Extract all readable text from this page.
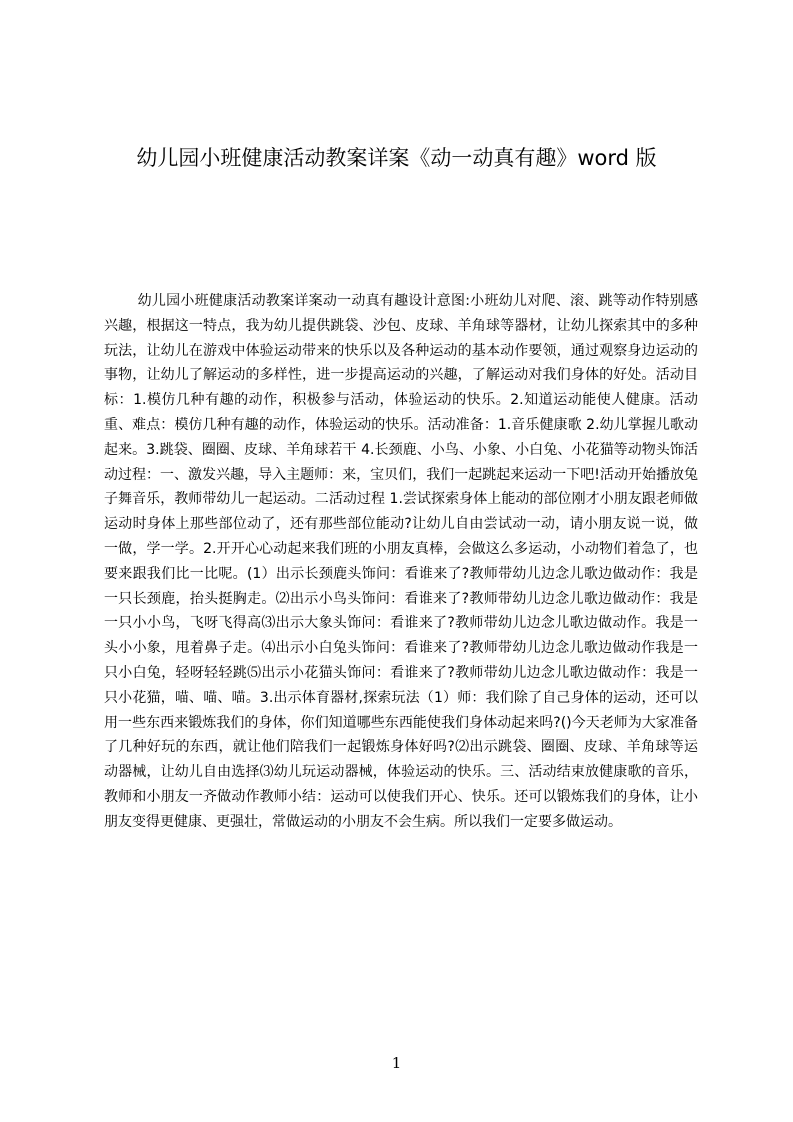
幼儿园小班健康活动教案详案《动一动真有趣》word 版

幼儿园小班健康活动教案详案动一动真有趣设计意图:小班幼儿对爬、滚、跳等动作特别感兴趣，根据这一特点，我为幼儿提供跳袋、沙包、皮球、羊角球等器材，让幼儿探索其中的多种玩法，让幼儿在游戏中体验运动带来的快乐以及各种运动的基本动作要领，通过观察身边运动的事物，让幼儿了解运动的多样性，进一步提高运动的兴趣，了解运动对我们身体的好处。活动目标：1.模仿几种有趣的动作，积极参与活动，体验运动的快乐。2.知道运动能使人健康。活动重、难点：模仿几种有趣的动作，体验运动的快乐。活动准备：1.音乐健康歌 2.幼儿掌握儿歌动起来。3.跳袋、圈圈、皮球、羊角球若干 4.长颈鹿、小鸟、小象、小白兔、小花猫等动物头饰活动过程：一、激发兴趣，导入主题师：来，宝贝们，我们一起跳起来运动一下吧!活动开始播放兔子舞音乐，教师带幼儿一起运动。二活动过程 1.尝试探索身体上能动的部位刚才小朋友跟老师做运动时身体上那些部位动了，还有那些部位能动?让幼儿自由尝试动一动，请小朋友说一说，做一做，学一学。2.开开心心动起来我们班的小朋友真棒，会做这么多运动，小动物们着急了，也要来跟我们比一比呢。(1）出示长颈鹿头饰问：看谁来了?教师带幼儿边念儿歌边做动作：我是一只长颈鹿，抬头挺胸走。⑵出示小鸟头饰问：看谁来了?教师带幼儿边念儿歌边做动作：我是一只小小鸟，飞呀飞得高⑶出示大象头饰问：看谁来了?教师带幼儿边念儿歌边做动作。我是一头小小象，甩着鼻子走。⑷出示小白兔头饰问：看谁来了?教师带幼儿边念儿歌边做动作我是一只小白兔，轻呀轻轻跳⑸出示小花猫头饰问：看谁来了?教师带幼儿边念儿歌边做动作：我是一只小花猫，喵、喵、喵。3.出示体育器材,探索玩法（1）师：我们除了自己身体的运动，还可以用一些东西来锻炼我们的身体，你们知道哪些东西能使我们身体动起来吗?()今天老师为大家准备了几种好玩的东西，就让他们陪我们一起锻炼身体好吗?⑵出示跳袋、圈圈、皮球、羊角球等运动器械，让幼儿自由选择⑶幼儿玩运动器械，体验运动的快乐。三、活动结束放健康歌的音乐，教师和小朋友一齐做动作教师小结：运动可以使我们开心、快乐。还可以锻炼我们的身体，让小朋友变得更健康、更强壮，常做运动的小朋友不会生病。所以我们一定要多做运动。

1
